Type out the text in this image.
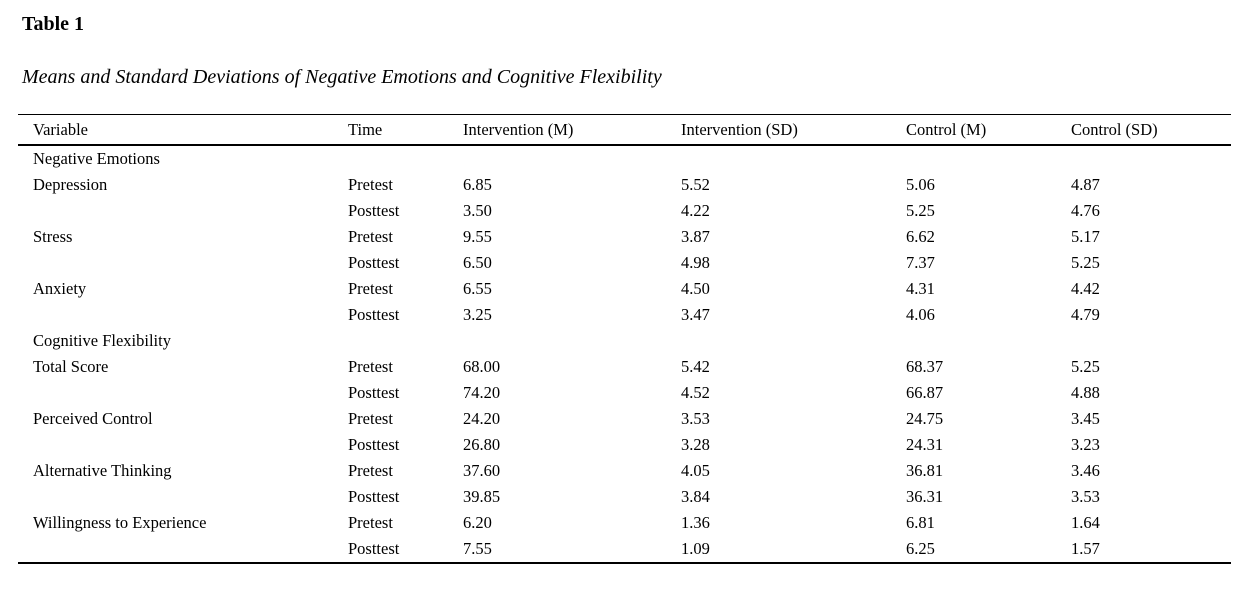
Table 1
Means and Standard Deviations of Negative Emotions and Cognitive Flexibility
Variable	Time	Intervention (M)	Intervention (SD)	Control (M)	Control (SD)
Negative Emotions					
Depression	Pretest	6.85	5.52	5.06	4.87
	Posttest	3.50	4.22	5.25	4.76
Stress	Pretest	9.55	3.87	6.62	5.17
	Posttest	6.50	4.98	7.37	5.25
Anxiety	Pretest	6.55	4.50	4.31	4.42
	Posttest	3.25	3.47	4.06	4.79
Cognitive Flexibility					
Total Score	Pretest	68.00	5.42	68.37	5.25
	Posttest	74.20	4.52	66.87	4.88
Perceived Control	Pretest	24.20	3.53	24.75	3.45
	Posttest	26.80	3.28	24.31	3.23
Alternative Thinking	Pretest	37.60	4.05	36.81	3.46
	Posttest	39.85	3.84	36.31	3.53
Willingness to Experience	Pretest	6.20	1.36	6.81	1.64
	Posttest	7.55	1.09	6.25	1.57
